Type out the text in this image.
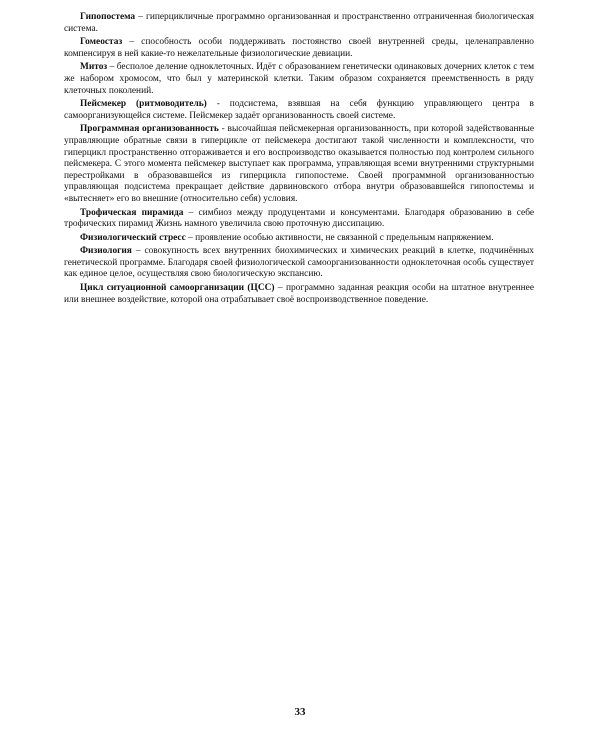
Гипопостема – гиперцикличные программно организованная и пространственно отграниченная биологическая система.

Гомеостаз – способность особи поддерживать постоянство своей внутренней среды, целенаправленно компенсируя в ней какие-то нежелательные физиологические девиации.

Митоз – бесполое деление одноклеточных. Идёт с образованием генетически одинаковых дочерних клеток с тем же набором хромосом, что был у материнской клетки. Таким образом сохраняется преемственность в ряду клеточных поколений.

Пейсмекер (ритмоводитель) - подсистема, взявшая на себя функцию управляющего центра в самоорганизующейся системе. Пейсмекер задаёт организованность своей системе.

Программная организованность - высочайшая пейсмекерная организованность, при которой задействованные управляющие обратные связи в гиперцикле от пейсмекера достигают такой численности и комплексности, что гиперцикл пространственно отгораживается и его воспроизводство оказывается полностью под контролем сильного пейсмекера. С этого момента пейсмекер выступает как программа, управляющая всеми внутренними структурными перестройками в образовавшейся из гиперцикла гипопостеме. Своей программной организованностью управляющая подсистема прекращает действие дарвиновского отбора внутри образовавшейся гипопостемы и «вытесняет» его во внешние (относительно себя) условия.

Трофическая пирамида – симбиоз между продуцентами и консументами. Благодаря образованию в себе трофических пирамид Жизнь намного увеличила свою проточную диссипацию.

Физиологический стресс – проявление особью активности, не связанной с предельным напряжением.

Физиология – совокупность всех внутренних биохимических и химических реакций в клетке, подчинённых генетической программе. Благодаря своей физиологической самоорганизованности одноклеточная особь существует как единое целое, осуществляя свою биологическую экспансию.

Цикл ситуационной самоорганизации (ЦСС) – программно заданная реакция особи на штатное внутреннее или внешнее воздействие, которой она отрабатывает своё воспроизводственное поведение.

33
